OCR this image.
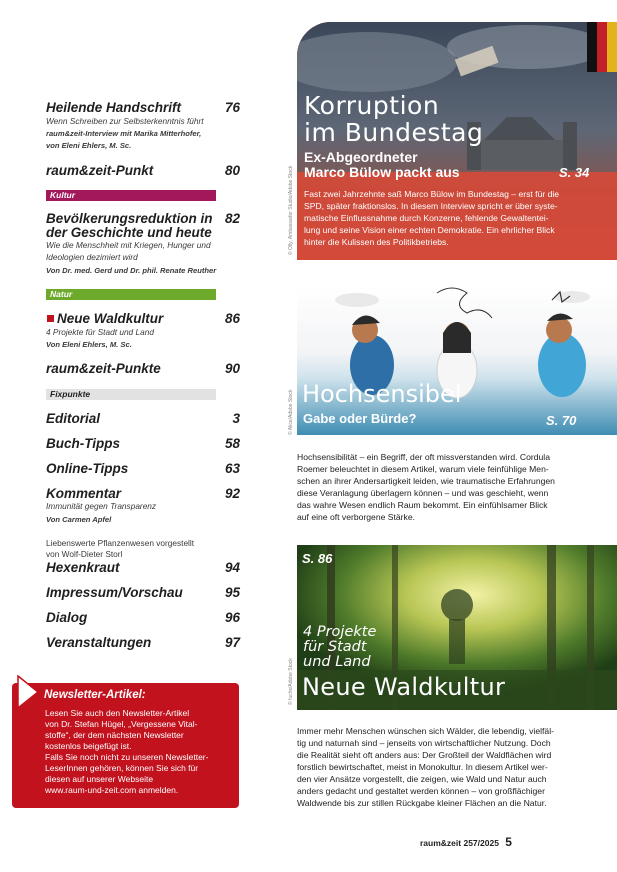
Heilende Handschrift	76
Wenn Schreiben zur Selbsterkenntnis führt
raum&zeit-Interview mit Marika Mitterhofer,
von Eleni Ehlers, M. Sc.
raum&zeit-Punkt	80
Kultur
Bevölkerungsreduktion in
der Geschichte und heute
82
Wie die Menschheit mit Kriegen, Hunger und
Ideologien dezimiert wird
Von Dr. med. Gerd und Dr. phil. Renate Reuther
Natur
Neue Waldkultur	86
4 Projekte für Stadt und Land
Von Eleni Ehlers, M. Sc.
raum&zeit-Punkte	90
Fixpunkte
Editorial	3
Buch-Tipps	58
Online-Tipps	63
Kommentar	92
Immunität gegen Transparenz
Von Carmen Apfel
Liebenswerte Pflanzenwesen vorgestellt
von Wolf-Dieter Storl
Hexenkraut	94
Impressum/Vorschau	95
Dialog	96
Veranstaltungen	97
Newsletter-Artikel:
Lesen Sie auch den Newsletter-Artikel
von Dr. Stefan Hügel, „Vergessene Vital-
stoffe“, der dem nächsten Newsletter
kostenlos beigefügt ist.
Falls Sie noch nicht zu unseren Newsletter-
LeserInnen gehören, können Sie sich für
diesen auf unserer Webseite
www.raum-und-zeit.com anmelden.
Korruption
im Bundestag
Ex-Abgeordneter
Marco Bülow packt aus	S. 34
Fast zwei Jahrzehnte saß Marco Bülow im Bundestag – erst für die
SPD, später fraktionslos. In diesem Interview spricht er über syste-
matische Einflussnahme durch Konzerne, fehlende Gewaltentei-
lung und seine Vision einer echten Demokratie. Ein ehrlicher Blick
hinter die Kulissen des Politikbetriebs.
© Olly, Ambassador Studio/Adobe Stock
Hochsensibel
Gabe oder Bürde?	S. 70
© Alice/Adobe Stock
Hochsensibilität – ein Begriff, der oft missverstanden wird. Cordula
Roemer beleuchtet in diesem Artikel, warum viele feinfühlige Men-
schen an ihrer Andersartigkeit leiden, wie traumatische Erfahrungen
diese Veranlagung überlagern können – und was geschieht, wenn
das wahre Wesen endlich Raum bekommt. Ein einfühlsamer Blick
auf eine oft verborgene Stärke.
S. 86
4 Projekte
für Stadt
und Land
Neue Waldkultur
© fuchs/Adobe Stock
Immer mehr Menschen wünschen sich Wälder, die lebendig, vielfäl-
tig und naturnah sind – jenseits von wirtschaftlicher Nutzung. Doch
die Realität sieht oft anders aus: Der Großteil der Waldflächen wird
forstlich bewirtschaftet, meist in Monokultur. In diesem Artikel wer-
den vier Ansätze vorgestellt, die zeigen, wie Wald und Natur auch
anders gedacht und gestaltet werden können – von großflächiger
Waldwende bis zur stillen Rückgabe kleiner Flächen an die Natur.
raum&zeit 257/2025 5
